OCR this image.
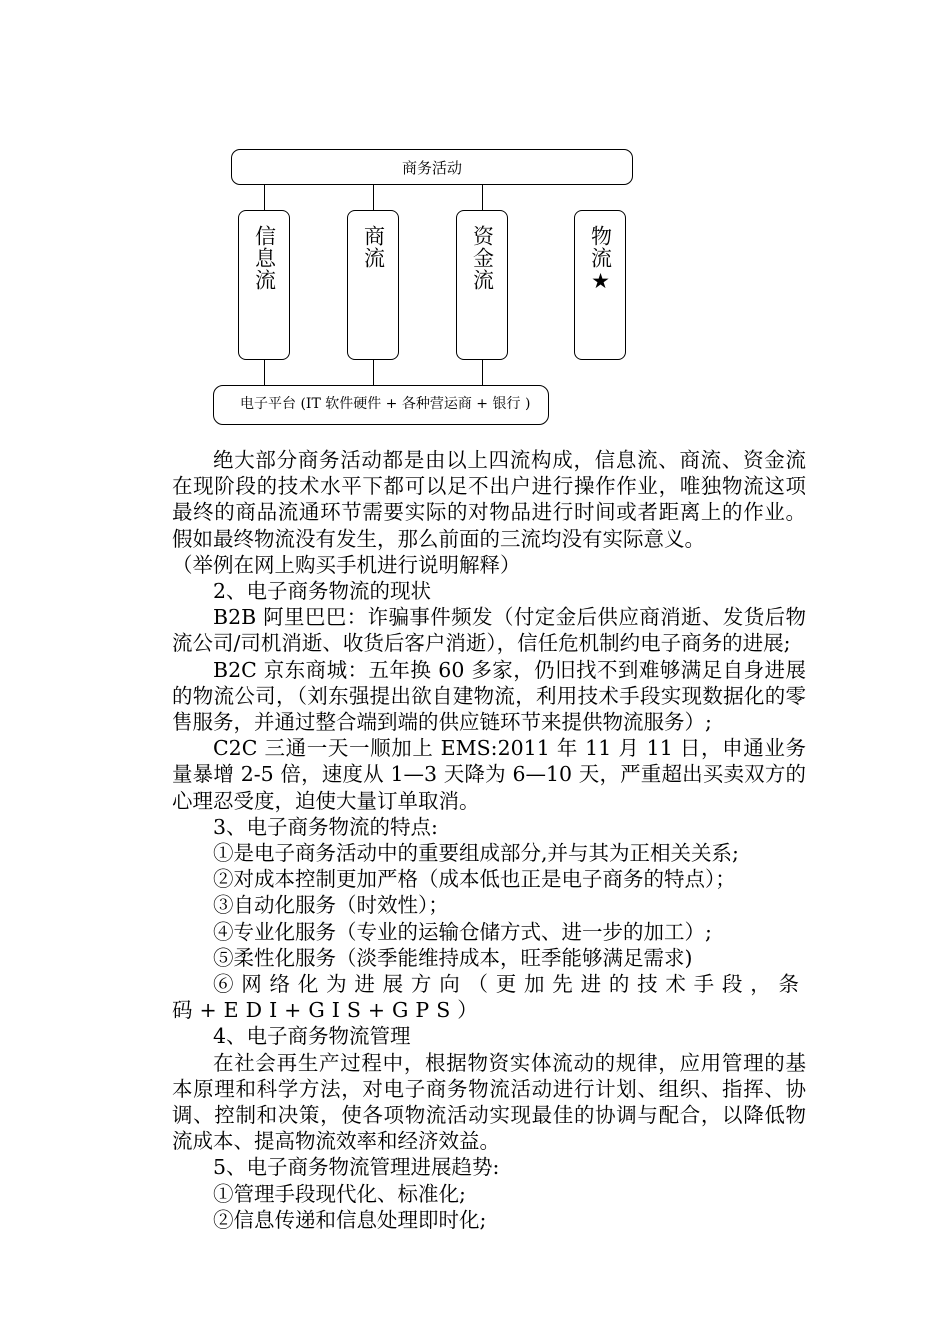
商务活动
信息流	商流	资金流	物流★
电子平台 (IT 软件硬件 + 各种营运商 + 银行 )

绝大部分商务活动都是由以上四流构成，信息流、商流、资金流在现阶段的技术水平下都可以足不出户进行操作作业，唯独物流这项最终的商品流通环节需要实际的对物品进行时间或者距离上的作业。假如最终物流没有发生，那么前面的三流均没有实际意义。

（举例在网上购买手机进行说明解释）

2、电子商务物流的现状

B2B 阿里巴巴：诈骗事件频发（付定金后供应商消逝、发货后物流公司/司机消逝、收货后客户消逝），信任危机制约电子商务的进展;

B2C 京东商城：五年换 60 多家，仍旧找不到难够满足自身进展的物流公司，（刘东强提出欲自建物流，利用技术手段实现数据化的零售服务，并通过整合端到端的供应链环节来提供物流服务）;

C2C 三通一天一顺加上 EMS:2011 年 11 月 11 日，申通业务量暴增 2-5 倍，速度从 1—3 天降为 6—10 天，严重超出买卖双方的心理忍受度，迫使大量订单取消。

3、电子商务物流的特点:

①是电子商务活动中的重要组成部分,并与其为正相关关系;

②对成本控制更加严格（成本低也正是电子商务的特点）；

③自动化服务（时效性）；

④专业化服务（专业的运输仓储方式、进一步的加工）;

⑤柔性化服务（淡季能维持成本，旺季能够满足需求)

⑥网络化为进展方向（更加先进的技术手段，条码+EDI+GIS+GPS）

4、电子商务物流管理

在社会再生产过程中，根据物资实体流动的规律，应用管理的基本原理和科学方法，对电子商务物流活动进行计划、组织、指挥、协调、控制和决策，使各项物流活动实现最佳的协调与配合，以降低物流成本、提高物流效率和经济效益。

5、电子商务物流管理进展趋势:

①管理手段现代化、标准化;

②信息传递和信息处理即时化;
